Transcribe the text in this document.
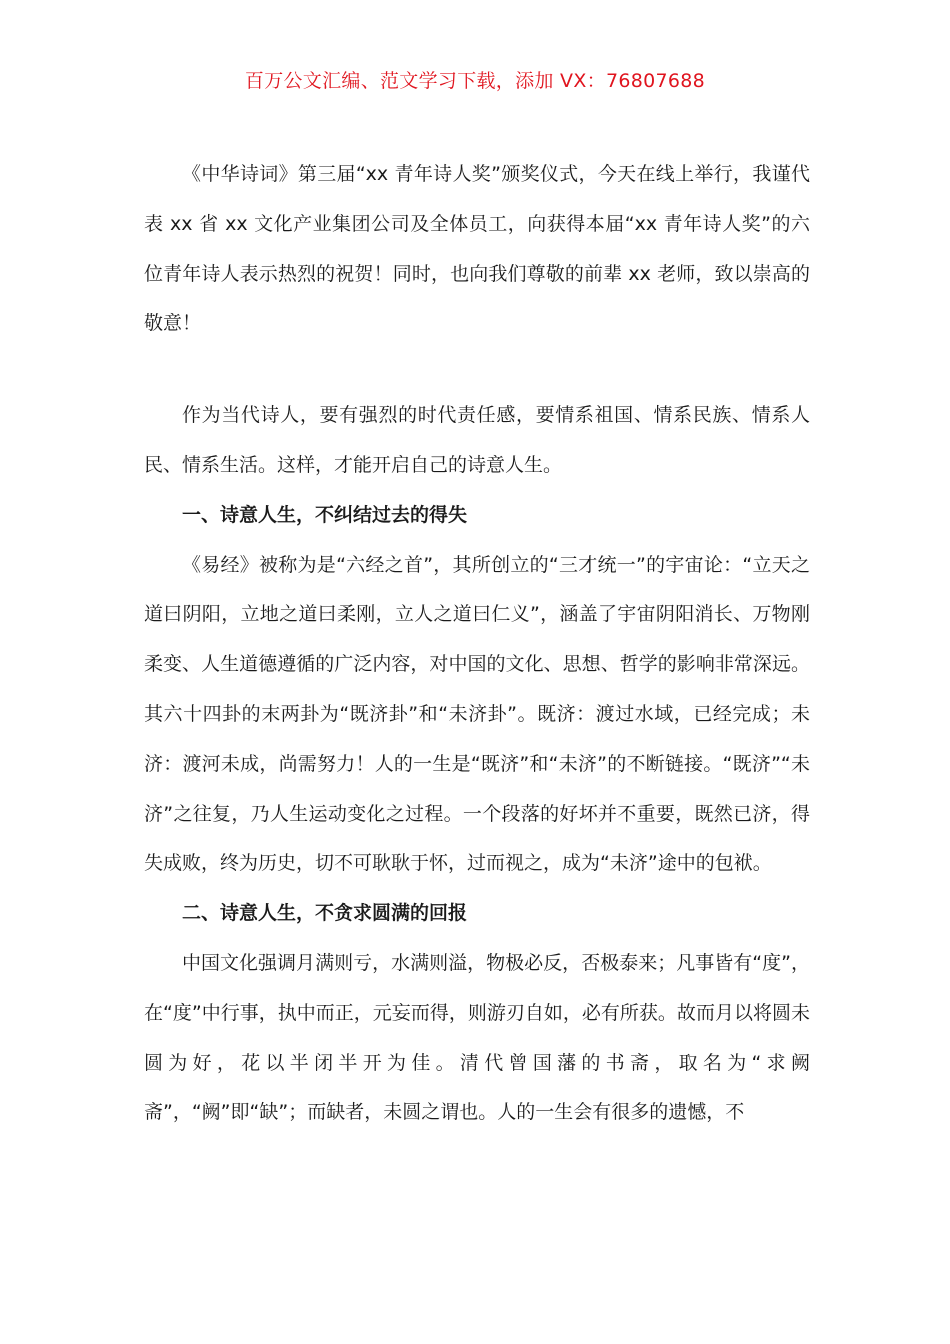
百万公文汇编、范文学习下载，添加 VX：76807688

《中华诗词》第三届“xx 青年诗人奖”颁奖仪式，今天在线上举行，我谨代表 xx 省 xx 文化产业集团公司及全体员工，向获得本届“xx 青年诗人奖”的六位青年诗人表示热烈的祝贺！同时，也向我们尊敬的前辈 xx 老师，致以崇高的敬意！

作为当代诗人，要有强烈的时代责任感，要情系祖国、情系民族、情系人民、情系生活。这样，才能开启自己的诗意人生。

一、诗意人生，不纠结过去的得失

《易经》被称为是“六经之首”，其所创立的“三才统一”的宇宙论：“立天之道曰阴阳，立地之道曰柔刚，立人之道曰仁义”，涵盖了宇宙阴阳消长、万物刚柔变、人生道德遵循的广泛内容，对中国的文化、思想、哲学的影响非常深远。其六十四卦的末两卦为“既济卦”和“未济卦”。既济：渡过水域，已经完成；未济：渡河未成，尚需努力！人的一生是“既济”和“未济”的不断链接。“既济”“未济”之往复，乃人生运动变化之过程。一个段落的好坏并不重要，既然已济，得失成败，终为历史，切不可耿耿于怀，过而视之，成为“未济”途中的包袱。

二、诗意人生，不贪求圆满的回报

中国文化强调月满则亏，水满则溢，物极必反，否极泰来；凡事皆有“度”，在“度”中行事，执中而正，元妄而得，则游刃自如，必有所获。故而月以将圆未圆为好，花以半闭半开为佳。清代曾国藩的书斋，取名为“求阙斋”，“阙”即“缺”；而缺者，未圆之谓也。人的一生会有很多的遗憾，不
